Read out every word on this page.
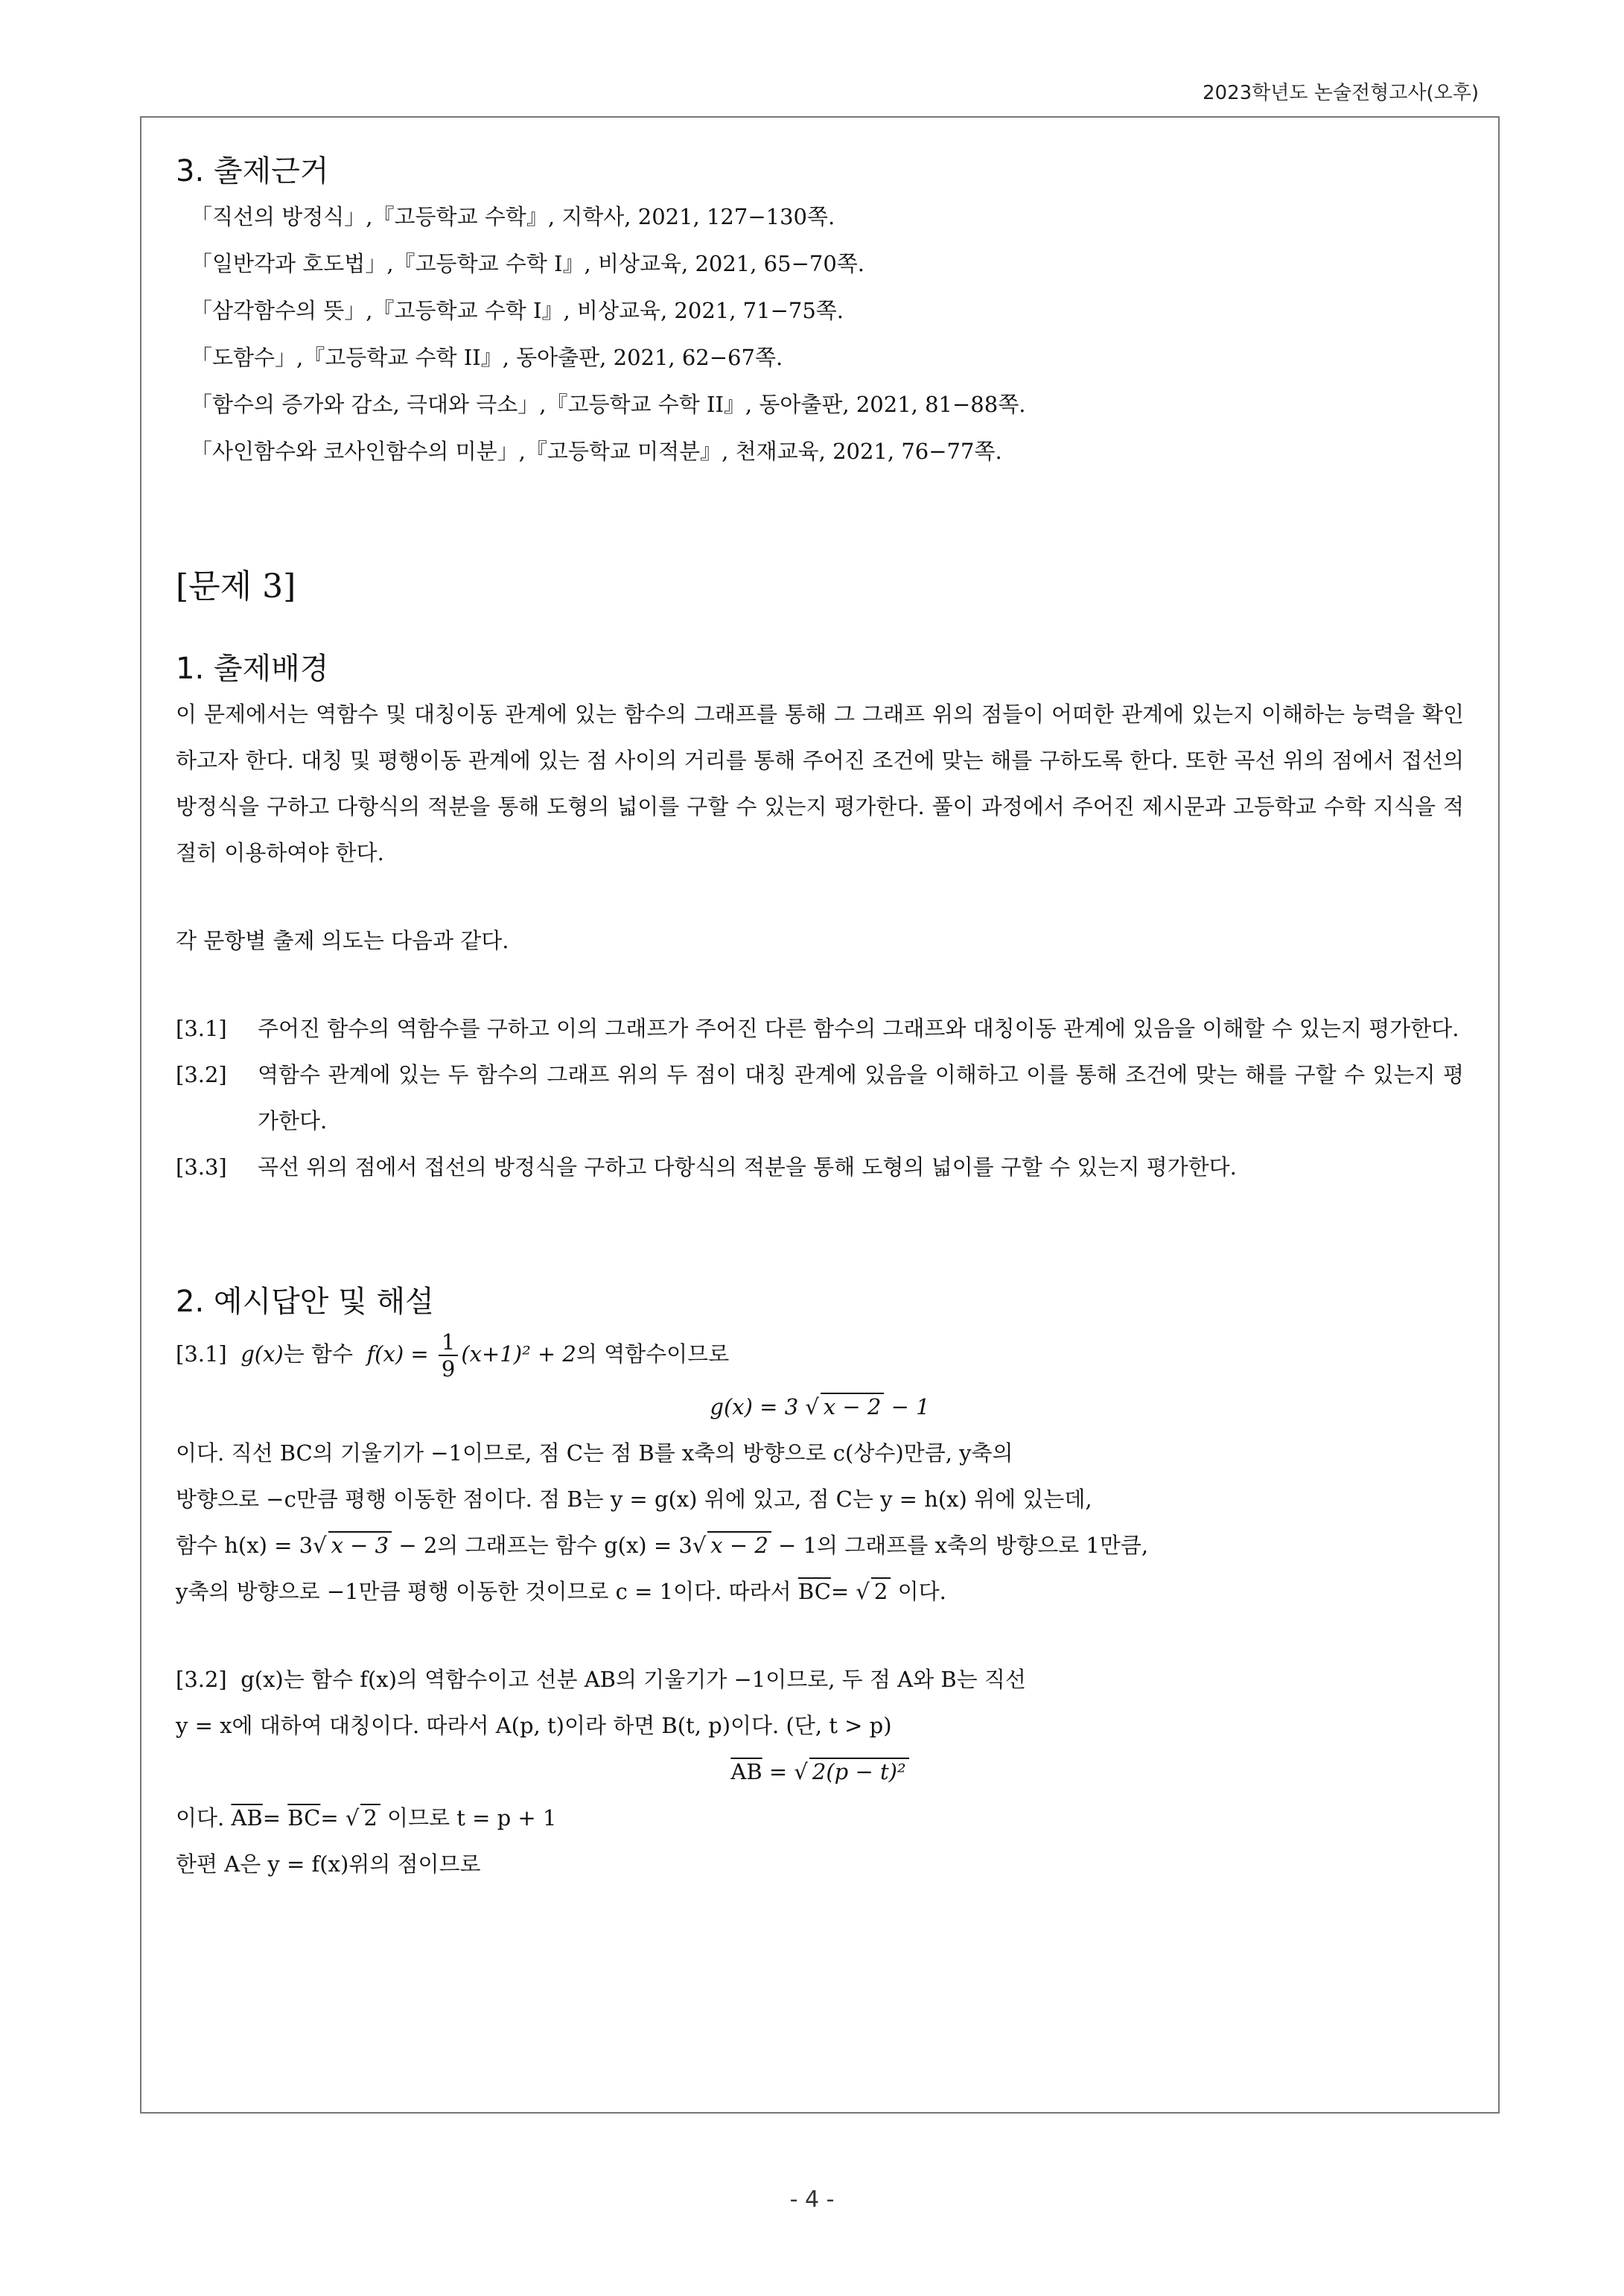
2023학년도 논술전형고사(오후)
3. 출제근거
「직선의 방정식」,『고등학교 수학』, 지학사, 2021, 127−130쪽.
「일반각과 호도법」,『고등학교 수학 I』, 비상교육, 2021, 65−70쪽.
「삼각함수의 뜻」,『고등학교 수학 I』, 비상교육, 2021, 71−75쪽.
「도함수」,『고등학교 수학 II』, 동아출판, 2021, 62−67쪽.
「함수의 증가와 감소, 극대와 극소」,『고등학교 수학 II』, 동아출판, 2021, 81−88쪽.
「사인함수와 코사인함수의 미분」,『고등학교 미적분』, 천재교육, 2021, 76−77쪽.
[문제 3]
1. 출제배경

이 문제에서는 역함수 및 대칭이동 관계에 있는 함수의 그래프를 통해 그 그래프 위의 점들이 어떠한 관계에 있는지 이해하는 능력을 확인하고자 한다. 대칭 및 평행이동 관계에 있는 점 사이의 거리를 통해 주어진 조건에 맞는 해를 구하도록 한다. 또한 곡선 위의 점에서 접선의 방정식을 구하고 다항식의 적분을 통해 도형의 넓이를 구할 수 있는지 평가한다. 풀이 과정에서 주어진 제시문과 고등학교 수학 지식을 적절히 이용하여야 한다.

각 문항별 출제 의도는 다음과 같다.

[3.1]	주어진 함수의 역함수를 구하고 이의 그래프가 주어진 다른 함수의 그래프와 대칭이동 관계에 있음을 이해할 수 있는지 평가한다.
[3.2]	역함수 관계에 있는 두 함수의 그래프 위의 두 점이 대칭 관계에 있음을 이해하고 이를 통해 조건에 맞는 해를 구할 수 있는지 평가한다.
[3.3]	곡선 위의 점에서 접선의 방정식을 구하고 다항식의 적분을 통해 도형의 넓이를 구할 수 있는지 평가한다.
2. 예시답안 및 해설

[3.1] g(x)는 함수 $f(x) = \frac{1}{9} (x+1)^2 + 2$의 역함수이므로

g(x) = 3 √ x − 2 − 1

이다. 직선 BC의 기울기가 −1이므로, 점 C는 점 B를 x축의 방향으로 c(상수)만큼, y축의

방향으로 −c만큼 평행 이동한 점이다. 점 B는 y = g(x) 위에 있고, 점 C는 y = h(x) 위에 있는데,

함수 h(x) = 3√ x − 3 − 2의 그래프는 함수 g(x) = 3√ x − 2 − 1의 그래프를 x축의 방향으로 1만큼,

y축의 방향으로 −1만큼 평행 이동한 것이므로 c = 1이다. 따라서 $\overline{BC}=$ √ 2 이다.

[3.2] g(x)는 함수 f(x)의 역함수이고 선분 AB의 기울기가 −1이므로, 두 점 A와 B는 직선

y = x에 대하여 대칭이다. 따라서 A(p, t)이라 하면 B(t, p)이다. (단, t > p)

$\overline{AB}$ = √ 2(p − t)²

이다. $\overline{AB}= \overline{BC}=$ √ 2 이므로 t = p + 1

한편 A은 y = f(x)위의 점이므로

- 4 -
